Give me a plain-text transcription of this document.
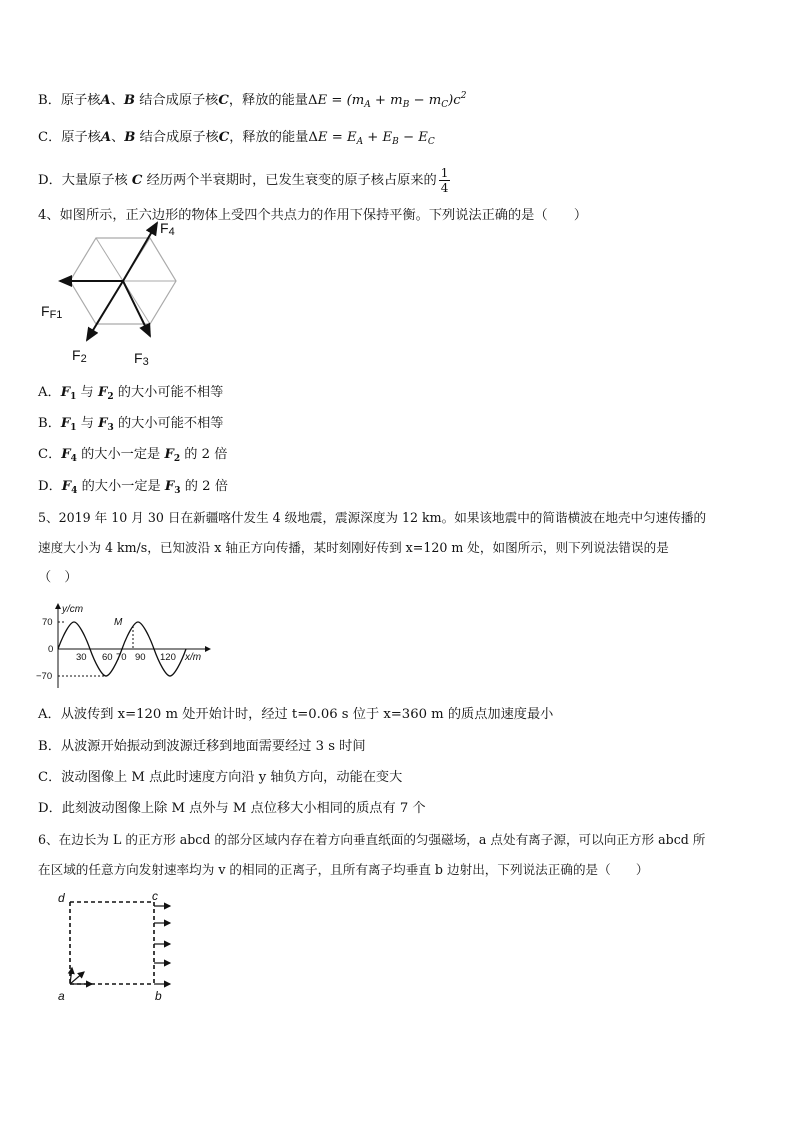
B．原子核A、B 结合成原子核C，释放的能量$\Delta E = (m_A + m_B - m_C)c^2$
C．原子核A、B 结合成原子核C，释放的能量$\Delta E = E_A + E_B - E_C$
D．大量原子核 C 经历两个半衰期时，已发生衰变的原子核占原来的 $\frac{1}{4}$
4、如图所示，正六边形的物体上受四个共点力的作用下保持平衡。下列说法正确的是（　　）
FF1
F2	F3
F4
A．$F_1$ 与 $F_2$ 的大小可能不相等
B．$F_1$ 与 $F_3$ 的大小可能不相等
C．$F_4$ 的大小一定是 $F_2$ 的 2 倍
D．$F_4$ 的大小一定是 $F_3$ 的 2 倍
5、2019 年 10 月 30 日在新疆喀什发生 4 级地震，震源深度为 12 km。如果该地震中的简谐横波在地壳中匀速传播的
速度大小为 4 km/s，已知波沿 x 轴正方向传播，某时刻刚好传到 x=120 m 处，如图所示，则下列说法错误的是
（　）
y/cm
x/m
M
70
0
−70
30 60 70 90 120
A．从波传到 x=120 m 处开始计时，经过 t=0.06 s 位于 x=360 m 的质点加速度最小
B．从波源开始振动到波源迁移到地面需要经过 3 s 时间
C．波动图像上 M 点此时速度方向沿 y 轴负方向，动能在变大
D．此刻波动图像上除 M 点外与 M 点位移大小相同的质点有 7 个
6、在边长为 L 的正方形 abcd 的部分区域内存在着方向垂直纸面的匀强磁场，a 点处有离子源，可以向正方形 abcd 所
在区域的任意方向发射速率均为 v 的相同的正离子，且所有离子均垂直 b 边射出，下列说法正确的是（　　）
d	c
a	b
